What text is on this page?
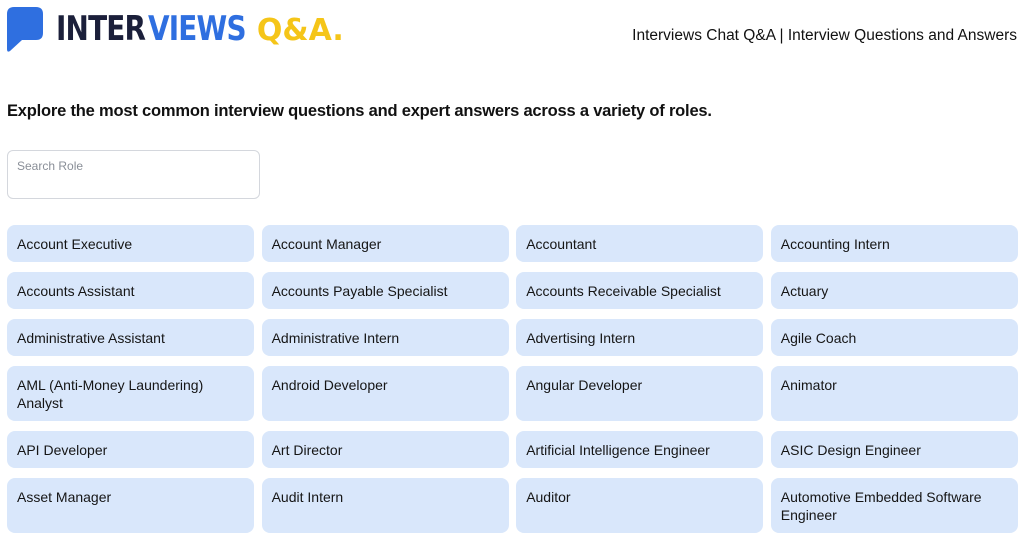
INTER VIEWS Q&A.	Interviews Chat Q&A | Interview Questions and Answers
Explore the most common interview questions and expert answers across a variety of roles.
Search Role
Account Executive	Account Manager	Accountant	Accounting Intern
Accounts Assistant	Accounts Payable Specialist	Accounts Receivable Specialist	Actuary
Administrative Assistant	Administrative Intern	Advertising Intern	Agile Coach
AML (Anti-Money Laundering) Analyst
Android Developer	Angular Developer	Animator
API Developer	Art Director	Artificial Intelligence Engineer	ASIC Design Engineer
Asset Manager	Audit Intern	Auditor	Automotive Embedded Software Engineer
